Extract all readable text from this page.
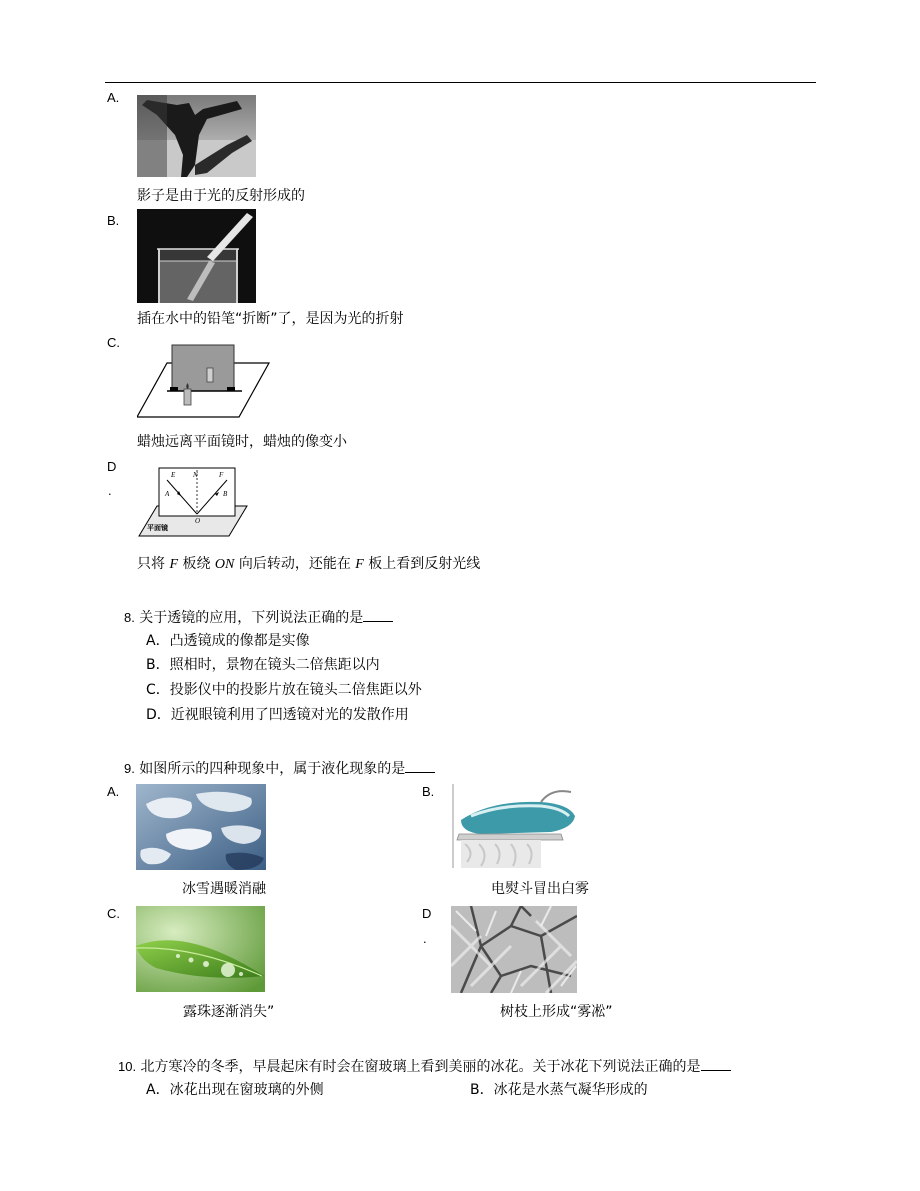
A.
影子是由于光的反射形成的
B.
插在水中的铅笔“折断”了，是因为光的折射
C.
蜡烛远离平面镜时，蜡烛的像变小
D
.
E	N	F
A	B
O
平面镜
只将 F 板绕 ON 向后转动，还能在 F 板上看到反射光线
8. 关于透镜的应用，下列说法正确的是
A．凸透镜成的像都是实像
B．照相时，景物在镜头二倍焦距以内
C．投影仪中的投影片放在镜头二倍焦距以外
D．近视眼镜利用了凹透镜对光的发散作用
9. 如图所示的四种现象中，属于液化现象的是
A.
冰雪遇暖消融
B.
电熨斗冒出白雾
C.
露珠逐渐消失”
D
.
树枝上形成“雾凇”
10. 北方寒冷的冬季，早晨起床有时会在窗玻璃上看到美丽的冰花。关于冰花下列说法正确的是
A．冰花出现在窗玻璃的外侧	B．冰花是水蒸气凝华形成的
